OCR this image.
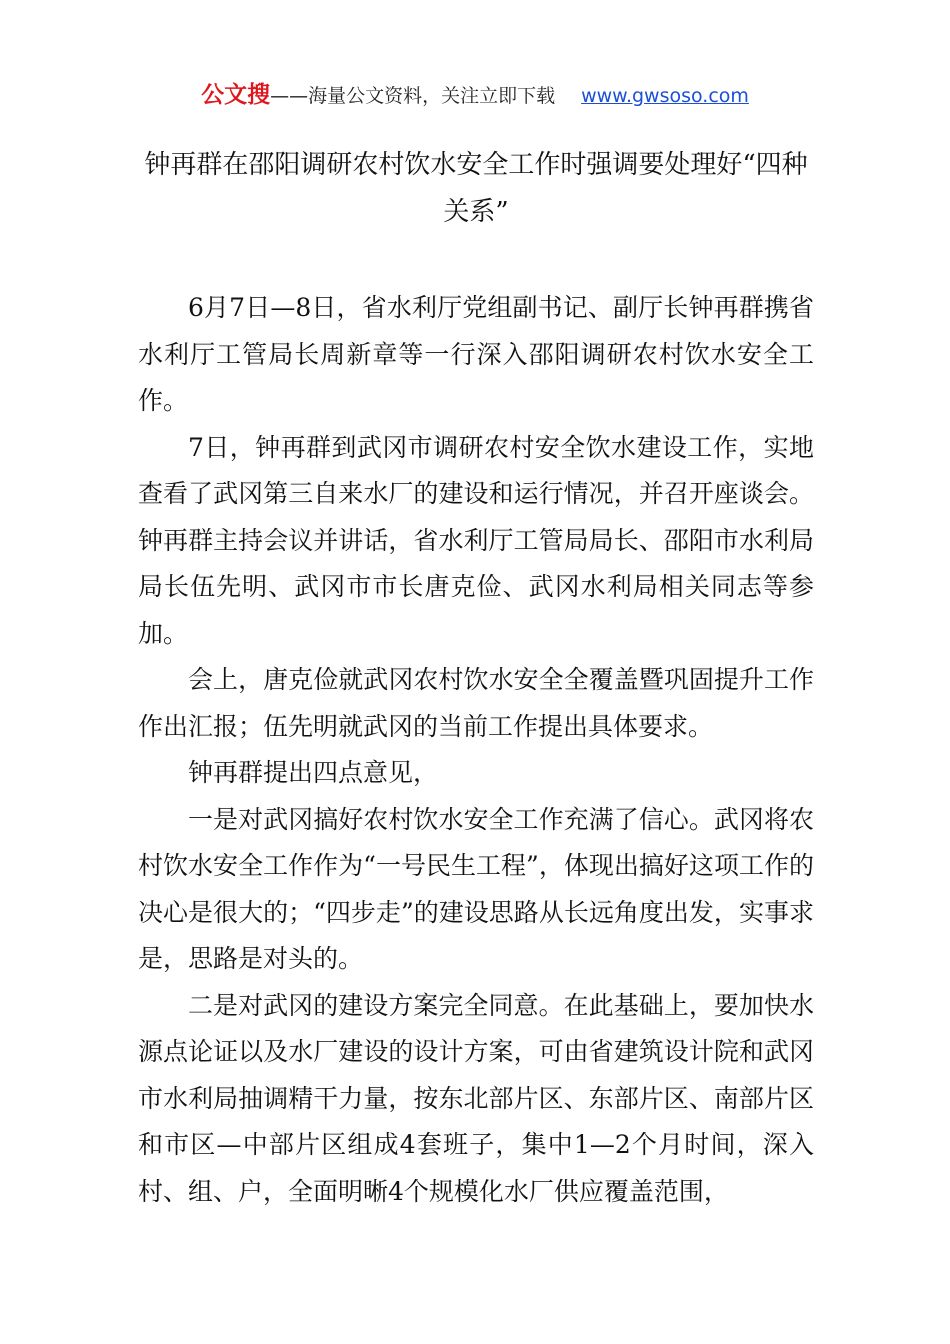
公文搜——海量公文资料，关注立即下载 www.gwsoso.com
钟再群在邵阳调研农村饮水安全工作时强调要处理好“四种关系”

6月7日—8日，省水利厅党组副书记、副厅长钟再群携省水利厅工管局长周新章等一行深入邵阳调研农村饮水安全工作。

7日，钟再群到武冈市调研农村安全饮水建设工作，实地查看了武冈第三自来水厂的建设和运行情况，并召开座谈会。钟再群主持会议并讲话，省水利厅工管局局长、邵阳市水利局局长伍先明、武冈市市长唐克俭、武冈水利局相关同志等参加。

会上，唐克俭就武冈农村饮水安全全覆盖暨巩固提升工作作出汇报；伍先明就武冈的当前工作提出具体要求。

钟再群提出四点意见，

一是对武冈搞好农村饮水安全工作充满了信心。武冈将农村饮水安全工作作为“一号民生工程”，体现出搞好这项工作的决心是很大的；“四步走”的建设思路从长远角度出发，实事求是，思路是对头的。

二是对武冈的建设方案完全同意。在此基础上，要加快水源点论证以及水厂建设的设计方案，可由省建筑设计院和武冈市水利局抽调精干力量，按东北部片区、东部片区、南部片区和市区—中部片区组成4套班子，集中1—2个月时间，深入村、组、户，全面明晰4个规模化水厂供应覆盖范围，
